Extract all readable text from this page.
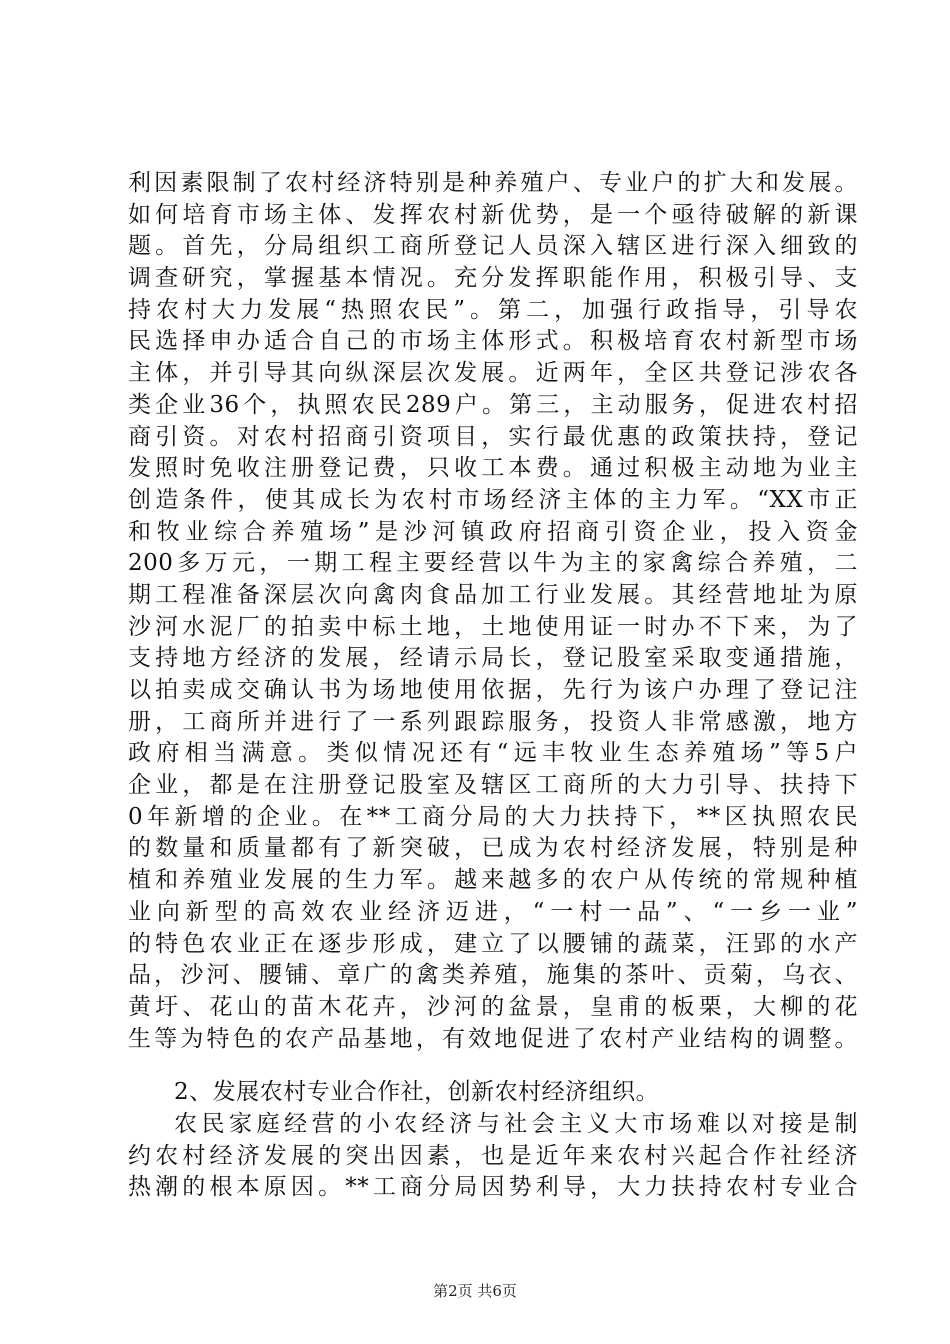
利因素限制了农村经济特别是种养殖户、专业户的扩大和发展。
如何培育市场主体、发挥农村新优势，是一个亟待破解的新课
题。首先，分局组织工商所登记人员深入辖区进行深入细致的
调查研究，掌握基本情况。充分发挥职能作用，积极引导、支
持农村大力发展“热照农民”。第二，加强行政指导，引导农
民选择申办适合自己的市场主体形式。积极培育农村新型市场
主体，并引导其向纵深层次发展。近两年，全区共登记涉农各
类企业36个，执照农民289户。第三，主动服务，促进农村招
商引资。对农村招商引资项目，实行最优惠的政策扶持，登记
发照时免收注册登记费，只收工本费。通过积极主动地为业主
创造条件，使其成长为农村市场经济主体的主力军。“XX市正
和牧业综合养殖场”是沙河镇政府招商引资企业，投入资金
200多万元，一期工程主要经营以牛为主的家禽综合养殖，二
期工程准备深层次向禽肉食品加工行业发展。其经营地址为原
沙河水泥厂的拍卖中标土地，土地使用证一时办不下来，为了
支持地方经济的发展，经请示局长，登记股室采取变通措施，
以拍卖成交确认书为场地使用依据，先行为该户办理了登记注
册，工商所并进行了一系列跟踪服务，投资人非常感激，地方
政府相当满意。类似情况还有“远丰牧业生态养殖场”等5户
企业，都是在注册登记股室及辖区工商所的大力引导、扶持下
0年新增的企业。在**工商分局的大力扶持下，**区执照农民
的数量和质量都有了新突破，已成为农村经济发展，特别是种
植和养殖业发展的生力军。越来越多的农户从传统的常规种植
业向新型的高效农业经济迈进，“一村一品”、“一乡一业”
的特色农业正在逐步形成，建立了以腰铺的蔬菜，汪郢的水产
品，沙河、腰铺、章广的禽类养殖，施集的茶叶、贡菊，乌衣、
黄圩、花山的苗木花卉，沙河的盆景，皇甫的板栗，大柳的花
生等为特色的农产品基地，有效地促进了农村产业结构的调整。
2、发展农村专业合作社，创新农村经济组织。
农民家庭经营的小农经济与社会主义大市场难以对接是制
约农村经济发展的突出因素，也是近年来农村兴起合作社经济
热潮的根本原因。**工商分局因势利导，大力扶持农村专业合
第2页 共6页
